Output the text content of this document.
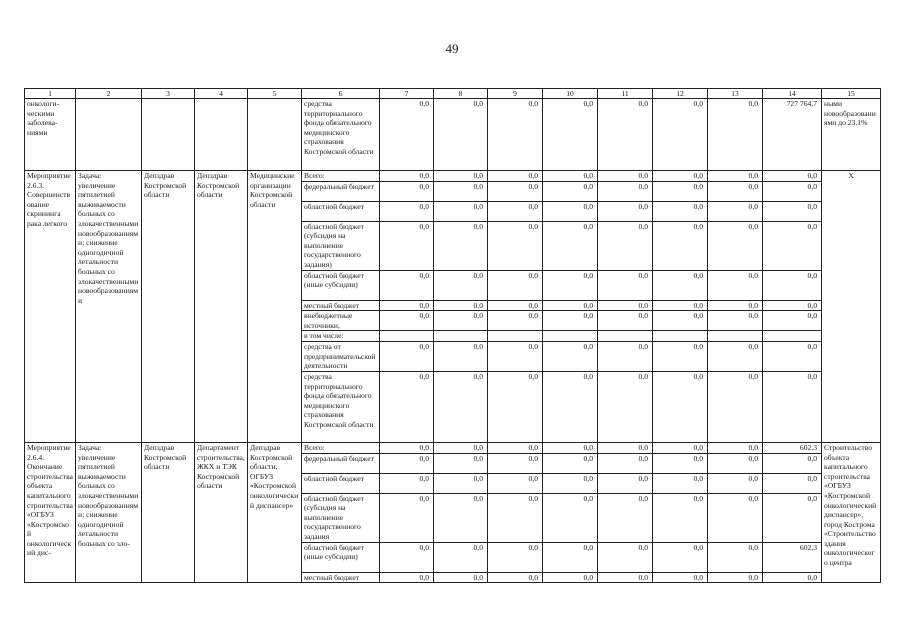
49
1	2	3	4	5	6	7	8	9	10	11	12	13	14	15
онкологи- ческими заболева- ниями					средства территориального фонда обязательного медицинского страхования Костромской области	0,0	0,0	0,0	0,0	0,0	0,0	0,0	727 764,7	ными новообразованиями до 23,1%
Мероприятие 2.6.3. Совершенствование скрининга рака легкого	Задача: увеличение пятилетней выживаемости больных со злокачественными новообразованиями; снижение одногодичной летальности больных со злокачественными новообразованиями	Депздрав Костромской области	Депздрав Костромской области	Медицинские организации Костромской области	Всего:	0,0	0,0	0,0	0,0	0,0	0,0	0,0	0,0	Х
					федеральный бюджет	0,0	0,0	0,0	0,0	0,0	0,0	0,0	0,0	
					областной бюджет	0,0	0,0	0,0	0,0	0,0	0,0	0,0	0,0	
					областной бюджет (субсидия на выполнение государственного задания)	0,0	0,0	0,0	0,0	0,0	0,0	0,0	0,0	
					областной бюджет (иные субсидии)	0,0	0,0	0,0	0,0	0,0	0,0	0,0	0,0	
					местный бюджет	0,0	0,0	0,0	0,0	0,0	0,0	0,0	0,0	
					внебюджетные источники,	0,0	0,0	0,0	0,0	0,0	0,0	0,0	0,0	
					в том числе:									
					средства от предпринимательской деятельности	0,0	0,0	0,0	0,0	0,0	0,0	0,0	0,0	
					средства территориального фонда обязательного медицинского страхования Костромской области	0,0	0,0	0,0	0,0	0,0	0,0	0,0	0,0	
Мероприятие 2.6.4. Окончание строительства объекта капитального строительства «ОГБУЗ «Костромской онкологический дис-	Задача: увеличение пятилетней выживаемости больных со злокачественными новообразованиями; снижение одногодичной летальности больных со зло-	Депздрав Костромской области	Департамент строительства, ЖКХ и ТЭК Костромской области	Депздрав Костромской области, ОГБУЗ «Костромской онкологический диспансер»	Всего:	0,0	0,0	0,0	0,0	0,0	0,0	0,0	602,3	Строительство объекта капитального строительства «ОГБУЗ «Костромской онкологический диспансер», город Кострома «Строительство здания онкологического центра
					федеральный бюджет	0,0	0,0	0,0	0,0	0,0	0,0	0,0	0,0	
					областной бюджет	0,0	0,0	0,0	0,0	0,0	0,0	0,0	0,0	
					областной бюджет (субсидия на выполнение государственного задания	0,0	0,0	0,0	0,0	0,0	0,0	0,0	0,0	
					областной бюджет (иные субсидии)	0,0	0,0	0,0	0,0	0,0	0,0	0,0	602,3	
					местный бюджет	0,0	0,0	0,0	0,0	0,0	0,0	0,0	0,0	
